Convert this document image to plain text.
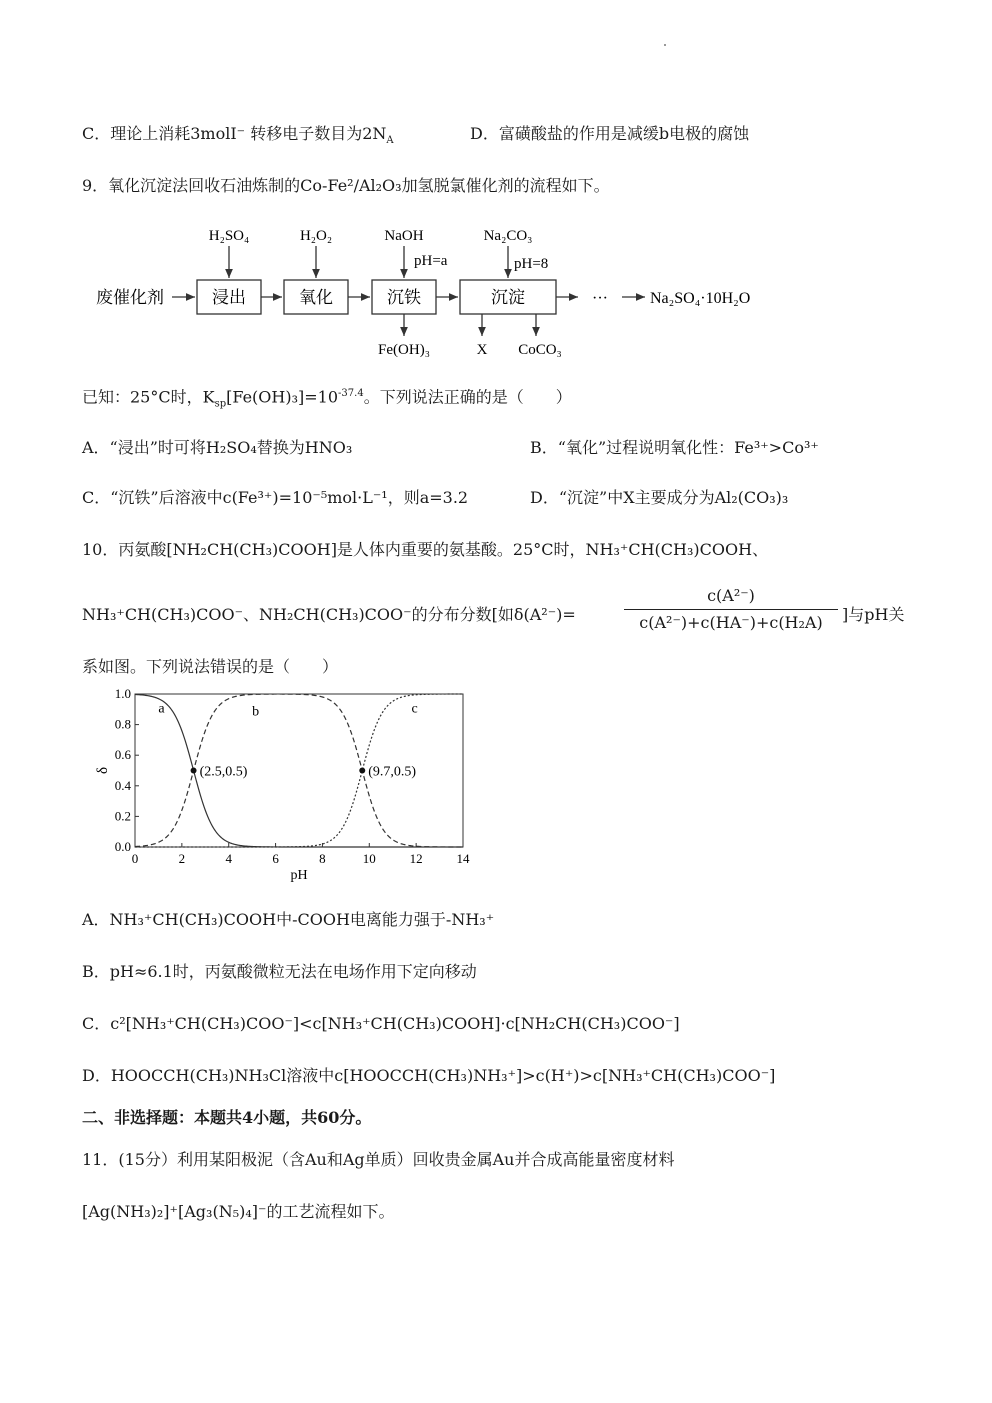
C．理论上消耗3molI⁻ 转移电子数目为$2N_A$	D．富磺酸盐的作用是减缓b电极的腐蚀
9．氧化沉淀法回收石油炼制的Co-Fe²/Al₂O₃加氢脱氯催化剂的流程如下。
废催化剂	浸出	氧化	沉铁	沉淀	···	Na₂SO₄·10H₂O
H₂SO₄	H₂O₂	NaOH
pH=a
Na₂CO₃
pH=8
Fe(OH)₃	X CoCO₃
已知：25°C时，$K_{sp}[Fe(OH)_3]=10^{-37.4}$。下列说法正确的是（　　）
A．“浸出”时可将H₂SO₄替换为HNO₃	B．“氧化”过程说明氧化性：Fe³⁺>Co³⁺
C．“沉铁”后溶液中c(Fe³⁺)=10⁻⁵mol·L⁻¹，则a=3.2	D．“沉淀”中X主要成分为Al₂(CO₃)₃
10．丙氨酸[NH₂CH(CH₃)COOH]是人体内重要的氨基酸。25°C时，NH₃⁺CH(CH₃)COOH、
NH₃⁺CH(CH₃)COO⁻、NH₂CH(CH₃)COO⁻的分布分数[如δ(A²⁻)=
c(A²⁻)
c(A²⁻)+c(HA⁻)+c(H₂A)	]与pH关
系如图。下列说法错误的是（　　）
0	2	4	6	8	10	12	14
0.0
0.2
0.4
0.6
0.8
1.0
pH
δ
a	b	c
(2.5,0.5)	(9.7,0.5)
A．NH₃⁺CH(CH₃)COOH中-COOH电离能力强于-NH₃⁺
B．pH≈6.1时，丙氨酸微粒无法在电场作用下定向移动
C．c²[NH₃⁺CH(CH₃)COO⁻]<c[NH₃⁺CH(CH₃)COOH]·c[NH₂CH(CH₃)COO⁻]
D．HOOCCH(CH₃)NH₃Cl溶液中c[HOOCCH(CH₃)NH₃⁺]>c(H⁺)>c[NH₃⁺CH(CH₃)COO⁻]
二、非选择题：本题共4小题，共60分。
11．(15分）利用某阳极泥（含Au和Ag单质）回收贵金属Au并合成高能量密度材料
[Ag(NH₃)₂]⁺[Ag₃(N₅)₄]⁻的工艺流程如下。
